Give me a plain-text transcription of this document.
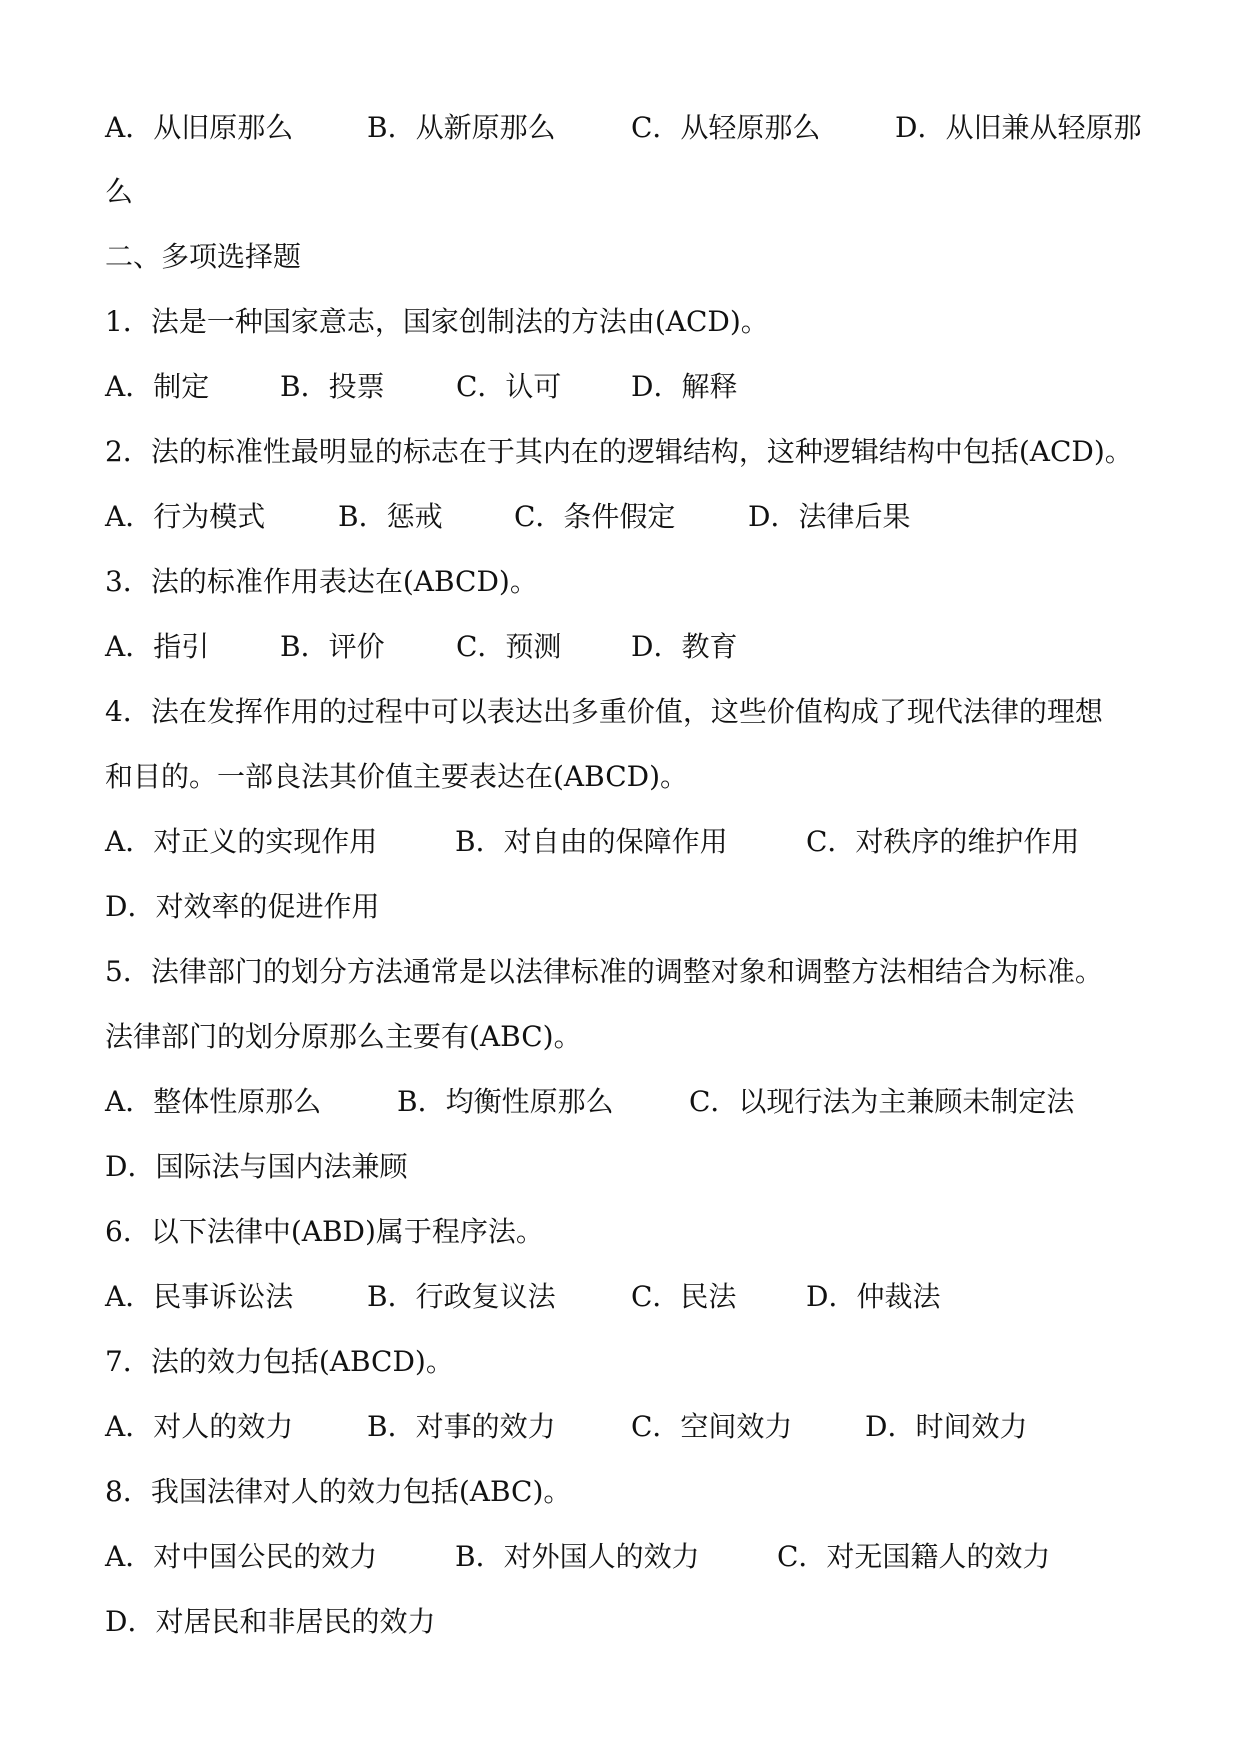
A．从旧原那么	B．从新原那么	C．从轻原那么	D．从旧兼从轻原那
么
二、多项选择题
1．法是一种国家意志，国家创制法的方法由(ACD)。
A．制定	B．投票	C．认可 D．解释
2．法的标准性最明显的标志在于其内在的逻辑结构，这种逻辑结构中包括(ACD)。
A．行为模式	B．惩戒	C．条件假定	D．法律后果
3．法的标准作用表达在(ABCD)。
A．指引	B．评价	C．预测 D．教育
4．法在发挥作用的过程中可以表达出多重价值，这些价值构成了现代法律的理想
和目的。一部良法其价值主要表达在(ABCD)。
A．对正义的实现作用	B．对自由的保障作用	C．对秩序的维护作用
D．对效率的促进作用
5．法律部门的划分方法通常是以法律标准的调整对象和调整方法相结合为标准。
法律部门的划分原那么主要有(ABC)。
A．整体性原那么	B．均衡性原那么	C．以现行法为主兼顾未制定法
D．国际法与国内法兼顾
6．以下法律中(ABD)属于程序法。
A．民事诉讼法	B．行政复议法	C．民法 D．仲裁法
7．法的效力包括(ABCD)。
A．对人的效力	B．对事的效力	C．空间效力	D．时间效力
8．我国法律对人的效力包括(ABC)。
A．对中国公民的效力	B．对外国人的效力	C．对无国籍人的效力
D．对居民和非居民的效力
